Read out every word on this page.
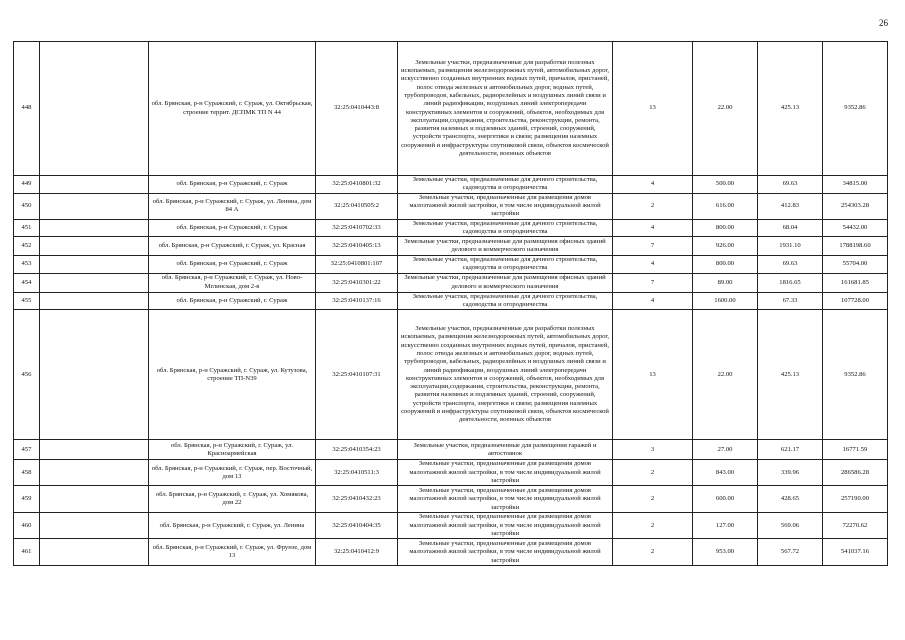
26
448		обл. Брянская, р-н Суражский, г. Сураж, ул. Октябрьская, строение террит. ДСПМК ТП N 44	32:25:0410443:8	Земельные участки, предназначенные для разработки полезных ископаемых, размещения железнодорожных путей, автомобильных дорог, искусственно созданных внутренних водных путей, причалов, пристаней, полос отвода железных и автомобильных дорог, водных путей, трубопроводов, кабельных, радиорелейных и воздушных линий связи и линий радиофикации, воздушных линий электропередачи конструктивных элементов и сооружений, объектов, необходимых для эксплуатации,содержания, строительства, реконструкции, ремонта, развития наземных и подземных зданий, строений, сооружений, устройств транспорта, энергетики и связи; размещения наземных сооружений и инфраструктуры спутниковой связи, объектов космической деятельности, военных объектов	13	22.00	425.13	9352.86
449		обл. Брянская, р-н Суражский, г. Сураж	32:25:0410801:32	Земельные участки, предназначенные для дачного строительства, садоводства и огородничества	4	500.00	69.63	34815.00
450		обл. Брянская, р-н Суражский, г. Сураж, ул. Ленина, дом 84 А	32:25:0410505:2	Земельные участки, предназначенные для размещения домов малоэтажной жилой застройки, в том числе индивидуальной жилой застройки	2	616.00	412.83	254303.28
451		обл. Брянская, р-н Суражский, г. Сураж	32:25:0410702:33	Земельные участки, предназначенные для дачного строительства, садоводства и огородничества	4	800.00	68.04	54432.00
452		обл. Брянская, р-н Суражский, г. Сураж, ул. Красная	32:25:0410405:13	Земельные участки, предназначенные для размещения офисных зданий делового и коммерческого назначения	7	926.00	1931.10	1788198.60
453		обл. Брянская, р-н Суражский, г. Сураж	32:25:0410801:107	Земельные участки, предназначенные для дачного строительства, садоводства и огородничества	4	800.00	69.63	55704.00
454		обл. Брянская, р-н Суражский, г. Сураж, ул. Ново-Мглинская, дом 2-в	32:25:0410301:22	Земельные участки, предназначенные для размещения офисных зданий делового и коммерческого назначения	7	89.00	1816.65	161681.85
455		обл. Брянская, р-н Суражский, г. Сураж	32:25:0410137:16	Земельные участки, предназначенные для дачного строительства, садоводства и огородничества	4	1600.00	67.33	107728.00
456		обл. Брянская, р-н Суражский, г. Сураж, ул. Кутузова, строение ТП-N39	32:25:0410107:31	Земельные участки, предназначенные для разработки полезных ископаемых, размещения железнодорожных путей, автомобильных дорог, искусственно созданных внутренних водных путей, причалов, пристаней, полос отвода железных и автомобильных дорог, водных путей, трубопроводов, кабельных, радиорелейных и воздушных линий связи и линий радиофикации, воздушных линий электропередачи конструктивных элементов и сооружений, объектов, необходимых для эксплуатации,содержания, строительства, реконструкции, ремонта, развития наземных и подземных зданий, строений, сооружений, устройств транспорта, энергетики и связи; размещения наземных сооружений и инфраструктуры спутниковой связи, объектов космической деятельности, военных объектов	13	22.00	425.13	9352.86
457		обл. Брянская, р-н Суражский, г. Сураж, ул. Красноармейская	32:25:0410354:23	Земельные участки, предназначенные для размещения гаражей и автостоянок	3	27.00	621.17	16771.59
458		обл. Брянская, р-н Суражский, г. Сураж, пер. Восточный, дом 13	32:25:0410511:3	Земельные участки, предназначенные для размещения домов малоэтажной жилой застройки, в том числе индивидуальной жилой застройки	2	843.00	339.96	286586.28
459		обл. Брянская, р-н Суражский, г. Сураж, ул. Хомякова, дом 22	32:25:0410432:23	Земельные участки, предназначенные для размещения домов малоэтажной жилой застройки, в том числе индивидуальной жилой застройки	2	600.00	428.65	257190.00
460		обл. Брянская, р-н Суражский, г. Сураж, ул. Ленина	32:25:0410404:35	Земельные участки, предназначенные для размещения домов малоэтажной жилой застройки, в том числе индивидуальной жилой застройки	2	127.00	569.06	72270.62
461		обл. Брянская, р-н Суражский, г. Сураж, ул. Фрунзе, дом 13	32:25:0410412:9	Земельные участки, предназначенные для размещения домов малоэтажной жилой застройки, в том числе индивидуальной жилой застройки	2	953.00	567.72	541037.16
